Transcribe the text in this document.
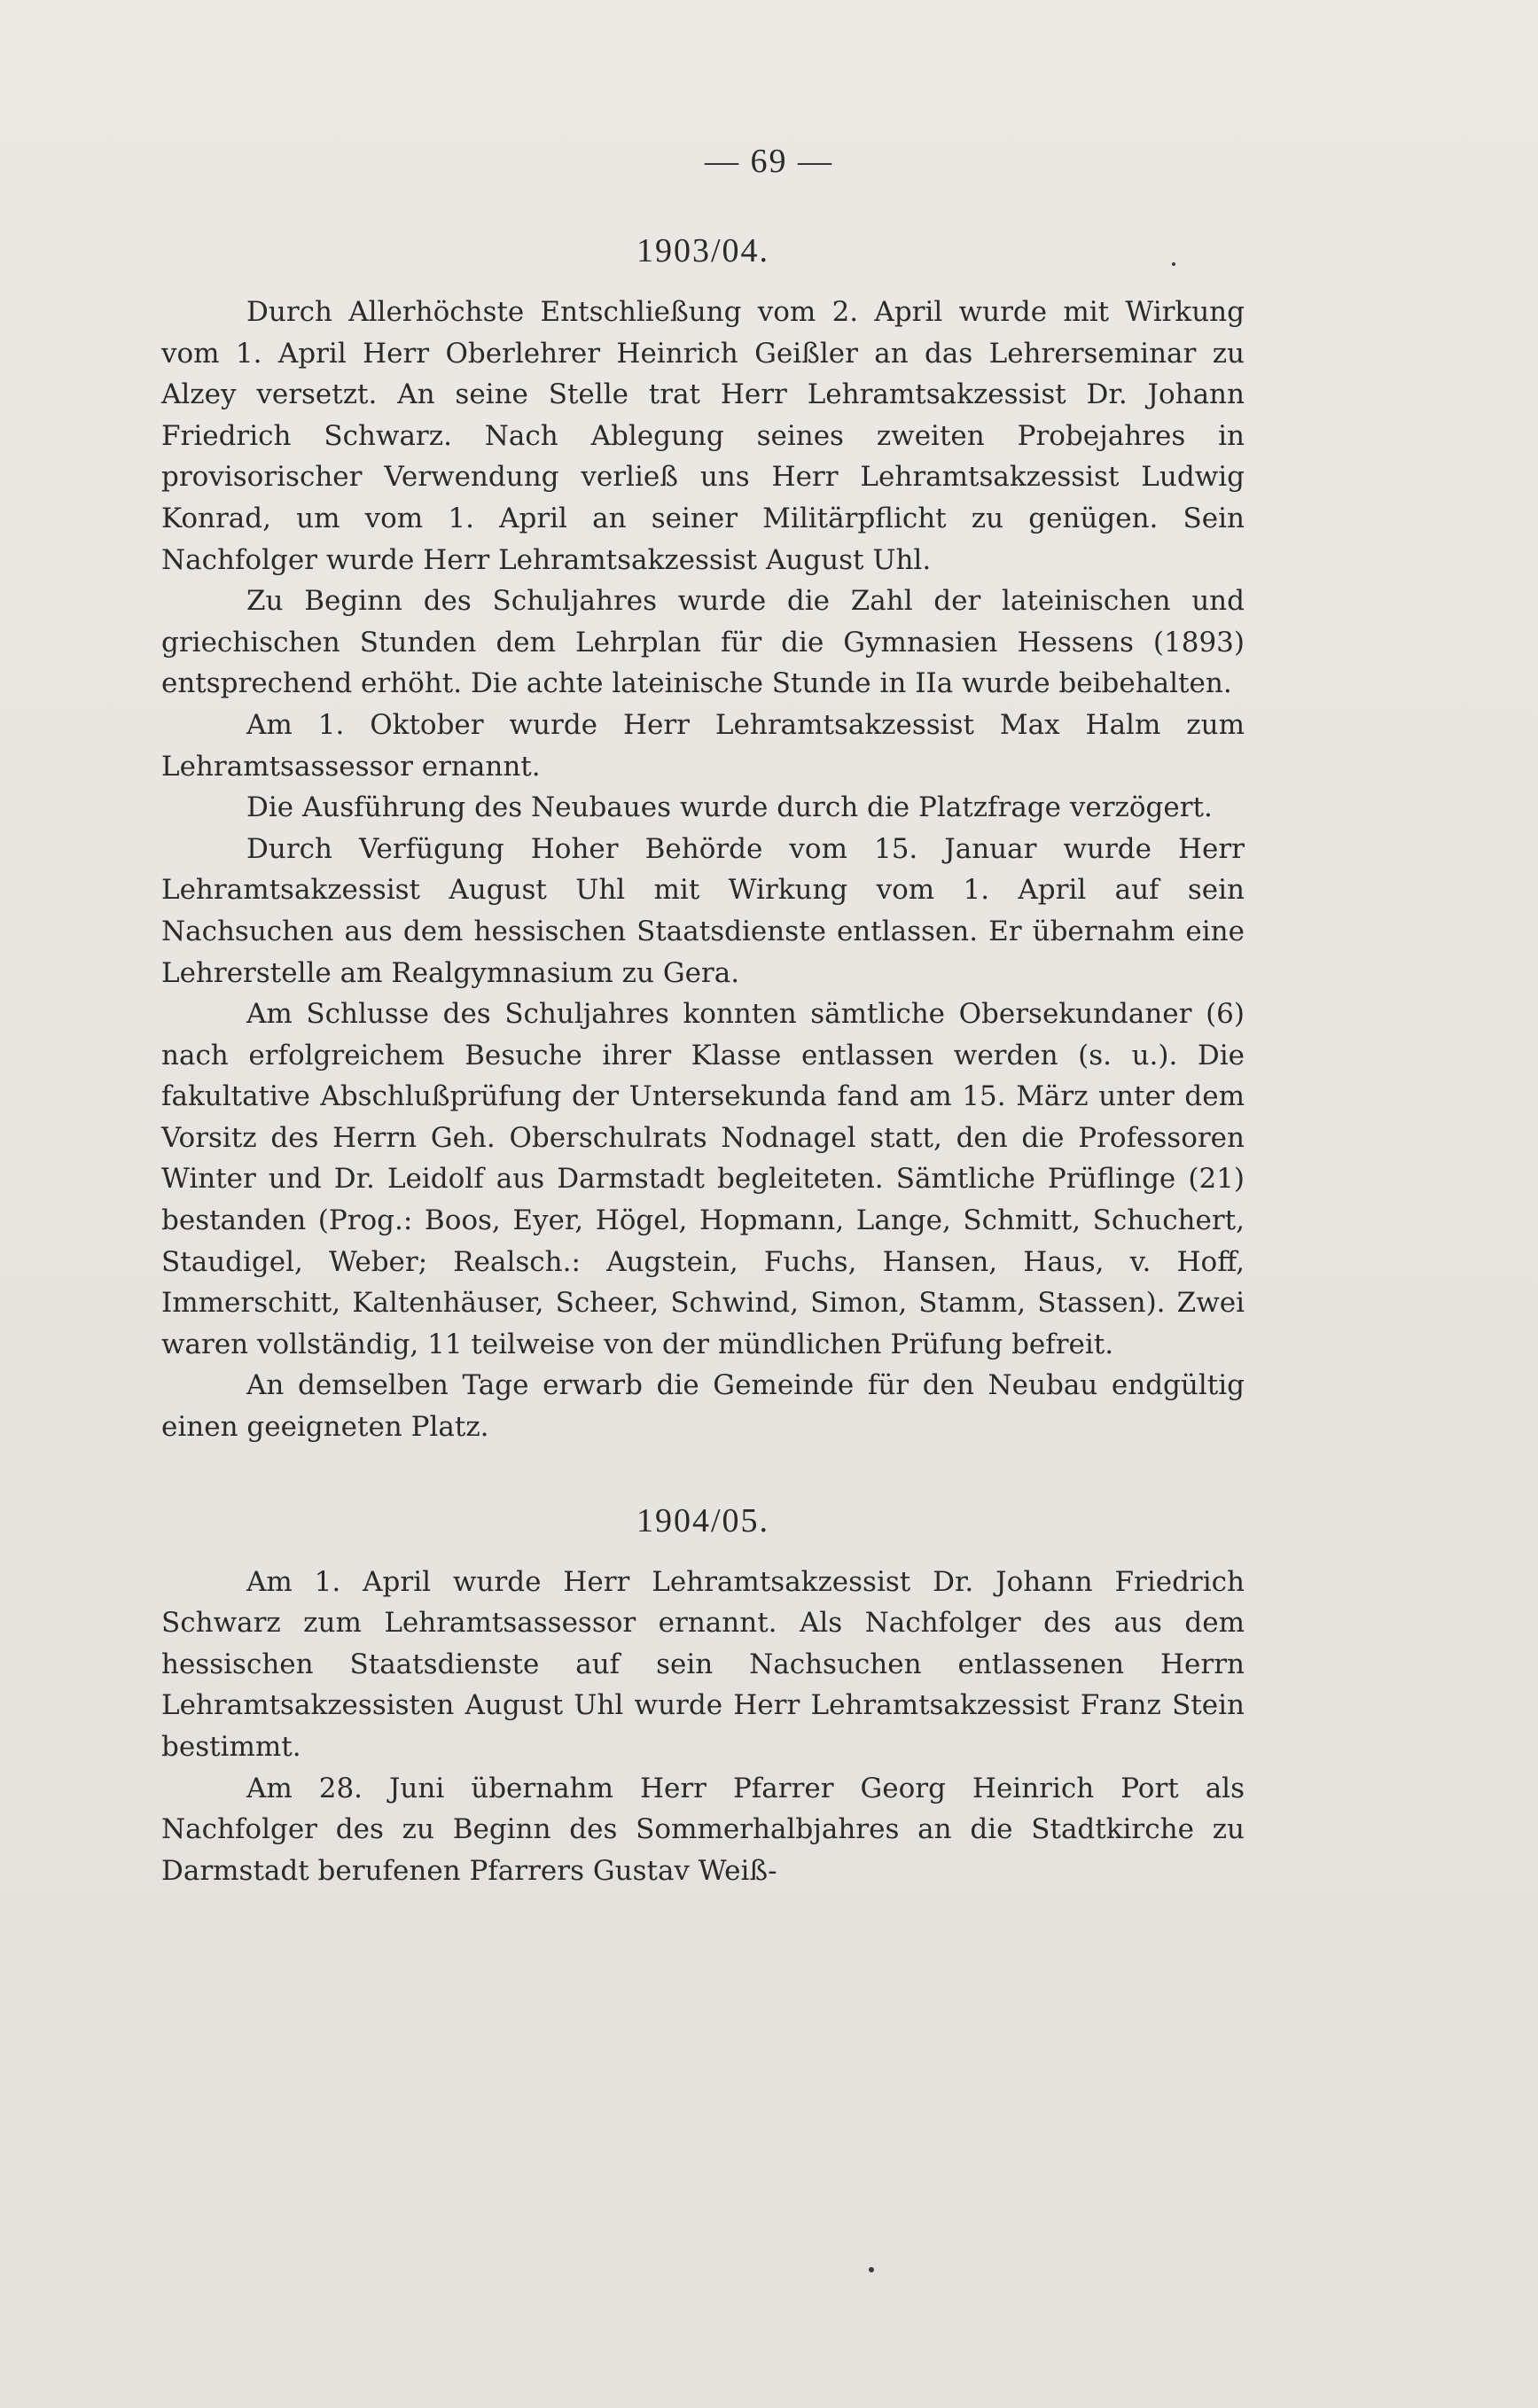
— 69 —
1903/04.

Durch Allerhöchste Entschließung vom 2. April wurde mit Wirkung vom 1. April Herr Oberlehrer Heinrich Geißler an das Lehrerseminar zu Alzey versetzt. An seine Stelle trat Herr Lehramtsakzessist Dr. Johann Friedrich Schwarz. Nach Ablegung seines zweiten Probejahres in provisorischer Verwendung verließ uns Herr Lehramtsakzessist Ludwig Konrad, um vom 1. April an seiner Militärpflicht zu genügen. Sein Nachfolger wurde Herr Lehramtsakzessist August Uhl.

Zu Beginn des Schuljahres wurde die Zahl der lateinischen und griechischen Stunden dem Lehrplan für die Gymnasien Hessens (1893) entsprechend erhöht. Die achte lateinische Stunde in IIa wurde beibehalten.

Am 1. Oktober wurde Herr Lehramtsakzessist Max Halm zum Lehramtsassessor ernannt.

Die Ausführung des Neubaues wurde durch die Platzfrage verzögert.

Durch Verfügung Hoher Behörde vom 15. Januar wurde Herr Lehramtsakzessist August Uhl mit Wirkung vom 1. April auf sein Nachsuchen aus dem hessischen Staatsdienste entlassen. Er übernahm eine Lehrerstelle am Realgymnasium zu Gera.

Am Schlusse des Schuljahres konnten sämtliche Obersekundaner (6) nach erfolgreichem Besuche ihrer Klasse entlassen werden (s. u.). Die fakultative Abschlußprüfung der Untersekunda fand am 15. März unter dem Vorsitz des Herrn Geh. Oberschulrats Nodnagel statt, den die Professoren Winter und Dr. Leidolf aus Darmstadt begleiteten. Sämtliche Prüflinge (21) bestanden (Prog.: Boos, Eyer, Högel, Hopmann, Lange, Schmitt, Schuchert, Staudigel, Weber; Realsch.: Augstein, Fuchs, Hansen, Haus, v. Hoff, Immerschitt, Kaltenhäuser, Scheer, Schwind, Simon, Stamm, Stassen). Zwei waren vollständig, 11 teilweise von der mündlichen Prüfung befreit.

An demselben Tage erwarb die Gemeinde für den Neubau endgültig einen geeigneten Platz.

1904/05.

Am 1. April wurde Herr Lehramtsakzessist Dr. Johann Friedrich Schwarz zum Lehramtsassessor ernannt. Als Nachfolger des aus dem hessischen Staatsdienste auf sein Nachsuchen entlassenen Herrn Lehramtsakzessisten August Uhl wurde Herr Lehramtsakzessist Franz Stein bestimmt.

Am 28. Juni übernahm Herr Pfarrer Georg Heinrich Port als Nachfolger des zu Beginn des Sommerhalbjahres an die Stadtkirche zu Darmstadt berufenen Pfarrers Gustav Weiß-
